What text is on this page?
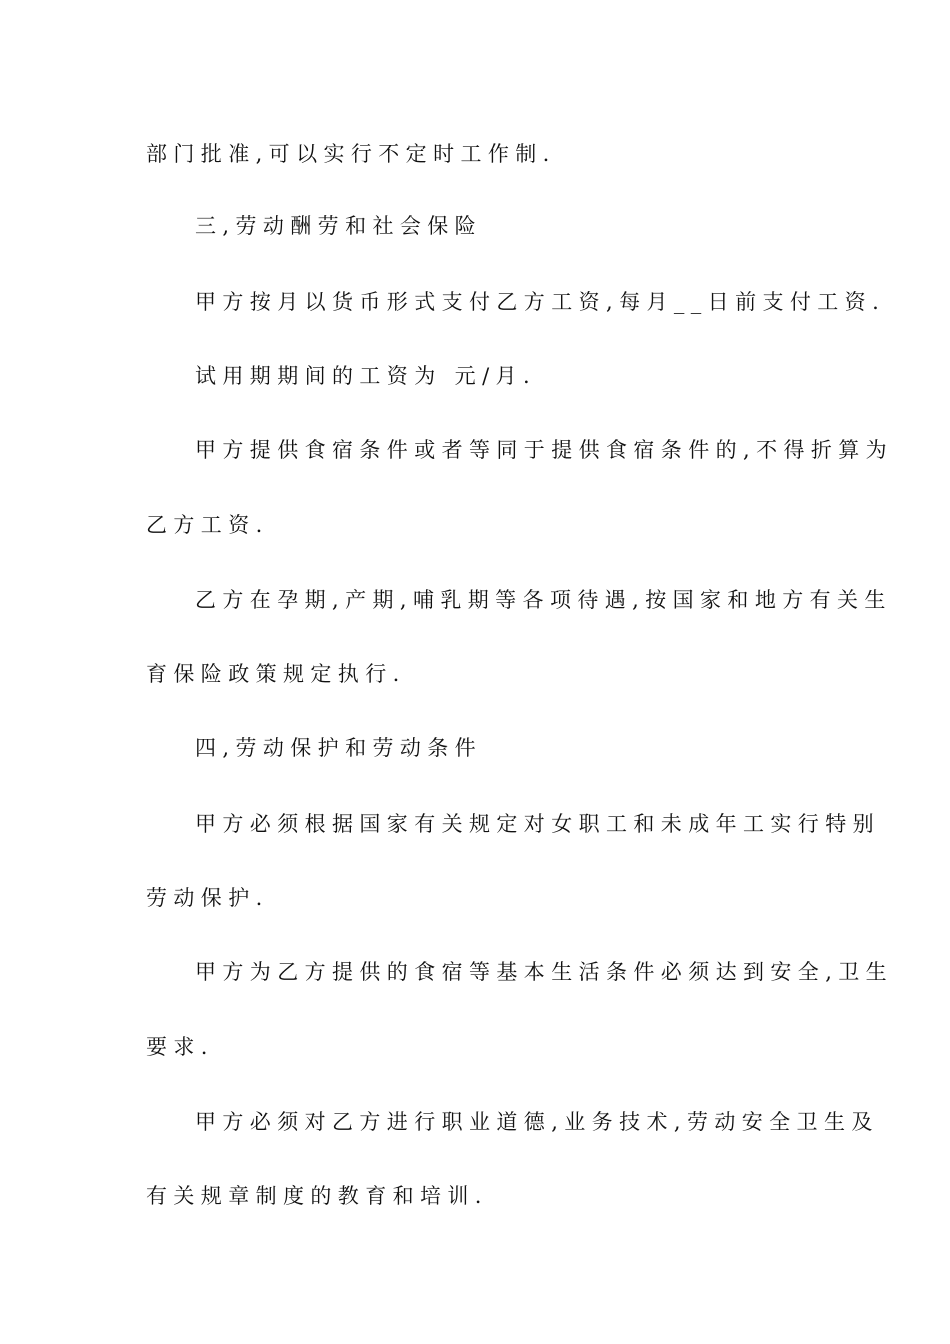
部门批准,可以实行不定时工作制.
三,劳动酬劳和社会保险
甲方按月以货币形式支付乙方工资,每月__日前支付工资.
试用期期间的工资为 元/月.
甲方提供食宿条件或者等同于提供食宿条件的,不得折算为
乙方工资.
乙方在孕期,产期,哺乳期等各项待遇,按国家和地方有关生
育保险政策规定执行.
四,劳动保护和劳动条件
甲方必须根据国家有关规定对女职工和未成年工实行特别
劳动保护.
甲方为乙方提供的食宿等基本生活条件必须达到安全,卫生
要求.
甲方必须对乙方进行职业道德,业务技术,劳动安全卫生及
有关规章制度的教育和培训.
